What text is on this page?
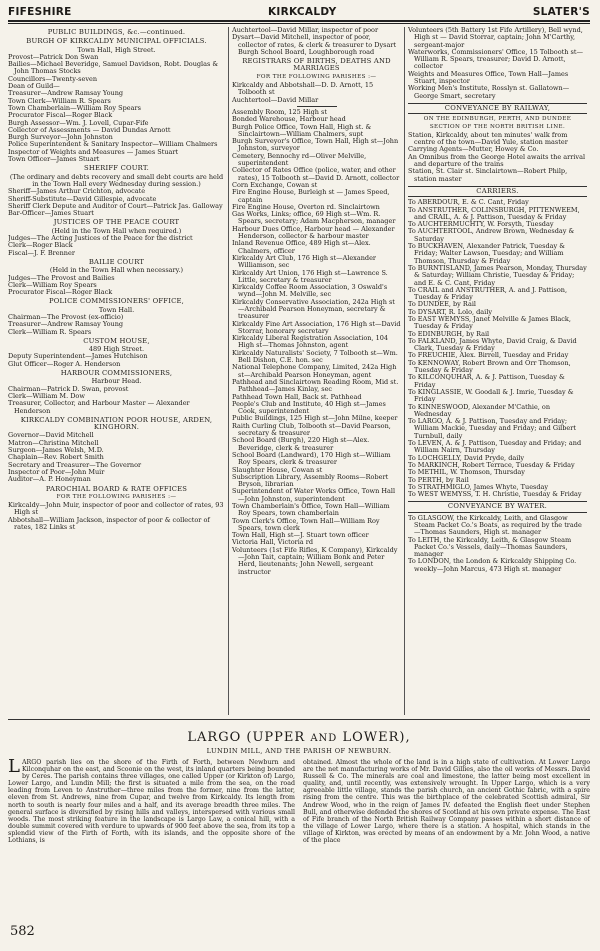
FIFESHIRE	KIRKCALDY	SLATER'S
PUBLIC BUILDINGS, &c.—continued.
BURGH OF KIRKCALDY MUNICIPAL OFFICIALS.
Town Hall, High Street.
Provost—Patrick Don Swan
Bailies—Michael Beveridge, Samuel Davidson, Robt. Douglas & John Thomas Stocks
Councillors—Twenty-seven
Dean of Guild—
Treasurer—Andrew Ramsay Young
Town Clerk—William R. Spears
Town Chamberlain—William Roy Spears
Procurator Fiscal—Roger Black
Burgh Assessor—Wm. J. Lovell, Cupar-Fife
Collector of Assessments — David Dundas Arnott
Burgh Surveyor—John Johnston
Police Superintendent & Sanitary Inspector—William Chalmers
Inspector of Weights and Measures — James Stuart
Town Officer—James Stuart
SHERIFF COURT.
(The ordinary and debts recovery and small debt courts are held in the Town Hall every Wednesday during session.)
Sheriff—James Arthur Crichton, advocate
Sheriff-Substitute—David Gillespie, advocate
Sheriff Clerk Depute and Auditor of Court—Patrick Jas. Galloway
Bar-Officer—James Stuart
JUSTICES OF THE PEACE COURT
(Held in the Town Hall when required.)
Judges—The Acting Justices of the Peace for the district
Clerk—Roger Black
Fiscal—J. F. Brenner
BAILIE COURT
(Held in the Town Hall when necessary.)
Judges—The Provost and Bailies
Clerk—William Roy Spears
Procurator Fiscal—Roger Black
POLICE COMMISSIONERS' OFFICE,
Town Hall.
Chairman—The Provost (ex-officio)
Treasurer—Andrew Ramsay Young
Clerk—William R. Spears
CUSTOM HOUSE,
489 High Street.
Deputy Superintendent—James Hutchison
Glut Officer—Roger A. Henderson
HARBOUR COMMISSIONERS,
Harbour Head.
Chairman—Patrick D. Swan, provost
Clerk—William M. Dow
Treasurer, Collector, and Harbour Master — Alexander Henderson
KIRKCALDY COMBINATION POOR HOUSE, ARDEN, KINGHORN.
Governor—David Mitchell
Matron—Christina Mitchell
Surgeon—James Welsh, M.D.
Chaplain—Rev. Robert Smith
Secretary and Treasurer—The Governor
Inspector of Poor—John Muir
Auditor—A. P. Honeyman
PAROCHIAL BOARD & RATE OFFICES
FOR THE FOLLOWING PARISHES :—
Kirkcaldy—John Muir, inspector of poor and collector of rates, 93 High st
Abbotshall—William Jackson, inspector of poor & collector of rates, 182 Links st
Auchtertool—David Millar, inspector of poor
Dysart—David Mitchell, inspector of poor, collector of rates, & clerk & treasurer to Dysart Burgh School Board, Loughborough road
REGISTRARS OF BIRTHS, DEATHS AND MARRIAGES
FOR THE FOLLOWING PARISHES :—
Kirkcaldy and Abbotshall—D. D. Arnott, 15 Tolbooth st
Auchtertool—David Millar
Assembly Room, 125 High st
Bonded Warehouse, Harbour head
Burgh Police Office, Town Hall, High st. & Sinclairtown—William Chalmers, supt
Burgh Surveyor's Office, Town Hall, High st—John Johnston, surveyor
Cemetery, Bennochy rd—Oliver Melville, superintendent
Collector of Rates Office (police, water, and other rates), 15 Tolbooth st—David D. Arnott, collector
Corn Exchange, Cowan st
Fire Engine House, Burleigh st — James Speed, captain
Fire Engine House, Overton rd. Sinclairtown
Gas Works, Links; office, 69 High st—Wm. R. Spears, secretary; Adam Macpherson, manager
Harbour Dues Office, Harbour head — Alexander Henderson, collector & harbour master
Inland Revenue Office, 489 High st—Alex. Chalmers, officer
Kirkcaldy Art Club, 176 High st—Alexander Williamson, sec
Kirkcaldy Art Union, 176 High st—Lawrence S. Little, secretary & treasurer
Kirkcaldy Coffee Room Association, 3 Oswald's wynd—John M. Melville, sec
Kirkcaldy Conservative Association, 242a High st—Archibald Pearson Honeyman, secretary & treasurer
Kirkcaldy Fine Art Association, 176 High st—David Storrar, honorary secretary
Kirkcaldy Liberal Registration Association, 104 High st—Thomas Johnston, agent
Kirkcaldy Naturalists' Society, 7 Tolbooth st—Wm. Bell Dishon, C.E. hon. sec
National Telephone Company, Limited, 242a High st—Archibald Pearson Honeyman, agent
Pathhead and Sinclairtown Reading Room, Mid st. Pathhead—James Kinlay, sec
Pathhead Town Hall, Back st. Pathhead
People's Club and Institute, 40 High st—James Cook, superintendent
Public Buildings, 125 High st—John Milne, keeper
Raith Curling Club, Tolbooth st—David Pearson, secretary & treasurer
School Board (Burgh), 220 High st—Alex. Beveridge, clerk & treasurer
School Board (Landward), 170 High st—William Roy Spears, clerk & treasurer
Slaughter House, Cowan st
Subscription Library, Assembly Rooms—Robert Bryson, librarian
Superintendent of Water Works Office, Town Hall—John Johnston, superintendent
Town Chamberlain's Office, Town Hall—William Roy Spears, town chamberlain
Town Clerk's Office, Town Hall—William Roy Spears, town clerk
Town Hall, High st—J. Stuart town officer
Victoria Hall, Victoria rd
Volunteers (1st Fife Rifles, K Company), Kirkcaldy—John Tait, captain; William Bonk and Peter Herd, lieutenants; John Newell, sergeant instructor
Volunteers (5th Battery 1st Fife Artillery), Bell wynd, High st — David Storrar, captain; John M'Carthy, sergeant-major
Waterworks, Commissioners' Office, 15 Tolbooth st—William R. Spears, treasurer; David D. Arnott, collector
Weights and Measures Office, Town Hall—James Stuart, inspector
Working Men's Institute, Rosslyn st. Gallatown—George Smart, secretary
CONVEYANCE BY RAILWAY,
ON THE EDINBURGH, PERTH, AND DUNDEE SECTION OF THE NORTH BRITISH LINE.
Station, Kirkcaldy, about ten minutes' walk from centre of the town—David Yule, station master
Carrying Agents—Mutter, Howey & Co.
An Omnibus from the George Hotel awaits the arrival and departure of the trains
Station, St. Clair st. Sinclairtown—Robert Philp, station master
CARRIERS.
To ABERDOUR, E. & C. Cant, Friday
To ANSTRUTHER, COLINSBURGH, PITTENWEEM, and CRAIL, A. & J. Pattison, Tuesday & Friday
To AUCHTERMUCHTY, W. Forsyth, Tuesday
To AUCHTERTOOL, Andrew Brown, Wednesday & Saturday
To BUCKHAVEN, Alexander Patrick, Tuesday & Friday; Walter Lawson, Tuesday; and William Thomson, Thursday & Friday
To BURNTISLAND, James Pearson, Monday, Thursday & Saturday; William Christie, Tuesday & Friday; and E. & C. Cant, Friday
To CRAIL and ANSTRUTHER, A. and J. Pattison, Tuesday & Friday
To DUNDEE, by Rail
To DYSART, R. Lolo, daily
To EAST WEMYSS, Janet Melville & James Black, Tuesday & Friday
To EDINBURGH, by Rail
To FALKLAND, James Whyte, David Craig, & David Clark, Tuesday & Friday
To FREUCHIE, Alex. Birrell, Tuesday and Friday
To KENNOWAY, Robert Brown and Orr Thomson, Tuesday & Friday
To KILCONQUHAR, A. & J. Pattison, Tuesday & Friday
To KINGLASSIE, W. Goodall & J. Imrie, Tuesday & Friday
To KINNESWOOD, Alexander M'Cathie, on Wednesday
To LARGO, A. & J. Pattison, Tuesday and Friday; William Mackie, Tuesday and Friday; and Gilbert Turnbull, daily
To LEVEN, A. & J. Pattison, Tuesday and Friday; and William Nairn, Thursday
To LOCHGELLY, David Pryde, daily
To MARKINCH, Robert Terrace, Tuesday & Friday
To METHIL, W. Thomson, Thursday
To PERTH, by Rail
To STRATHMIGLO, James Whyte, Tuesday
To WEST WEMYSS, T. H. Christie, Tuesday & Friday
CONVEYANCE BY WATER.
To GLASGOW, the Kirkcaldy, Leith, and Glasgow Steam Packet Co.'s Boats, as required by the trade—Thomas Saunders, High st. manager
To LEITH, the Kirkcaldy, Leith, & Glasgow Steam Packet Co.'s Vessels, daily—Thomas Saunders, manager
To LONDON, the London & Kirkcaldy Shipping Co. weekly—John Marcus, 473 High st. manager
LARGO (UPPER AND LOWER),
LUNDIN MILL, AND THE PARISH OF NEWBURN.
LARGO parish lies on the shore of the Firth of Forth, between Newburn and Kilconquhar on the east, and Scoonie on the west, its inland quarters being bounded by Ceres. The parish contains three villages, one called Upper (or Kirkton of) Largo, Lower Largo, and Lundin Mill; the first is situated a mile from the sea, on the road leading from Leven to Anstruther—three miles from the former, nine from the latter, eleven from St. Andrews, nine from Cupar, and twelve from Kirkcaldy. Its length from north to south is nearly four miles and a half, and its average breadth three miles. The general surface is diversified by rising hills and valleys, interspersed with various small woods. The most striking feature in the landscape is Largo Law, a conical hill, with a double summit covered with verdure to upwards of 900 feet above the sea, from its top a splendid view of the Firth of Forth, with its islands, and the opposite shore of the Lothians, is
obtained. Almost the whole of the land is in a high state of cultivation. At Lower Largo are the net manufacturing works of Mr. David Gillies, also the oil works of Messrs. David Russell & Co. The minerals are coal and limestone, the latter being most excellent in quality, and, until recently, was extensively wrought. In Upper Largo, which is a very agreeable little village, stands the parish church, an ancient Gothic fabric, with a spire rising from the centre. This was the birthplace of the celebrated Scottish admiral, Sir Andrew Wood, who in the reign of James IV. defeated the English fleet under Stephen Bull, and otherwise defended the shores of Scotland at his own private expense. The East of Fife branch of the North British Railway Company passes within a short distance of the village of Lower Largo, where there is a station. A hospital, which stands in the village of Kirkton, was erected by means of an endowment by a Mr. John Wood, a native of the place
582
